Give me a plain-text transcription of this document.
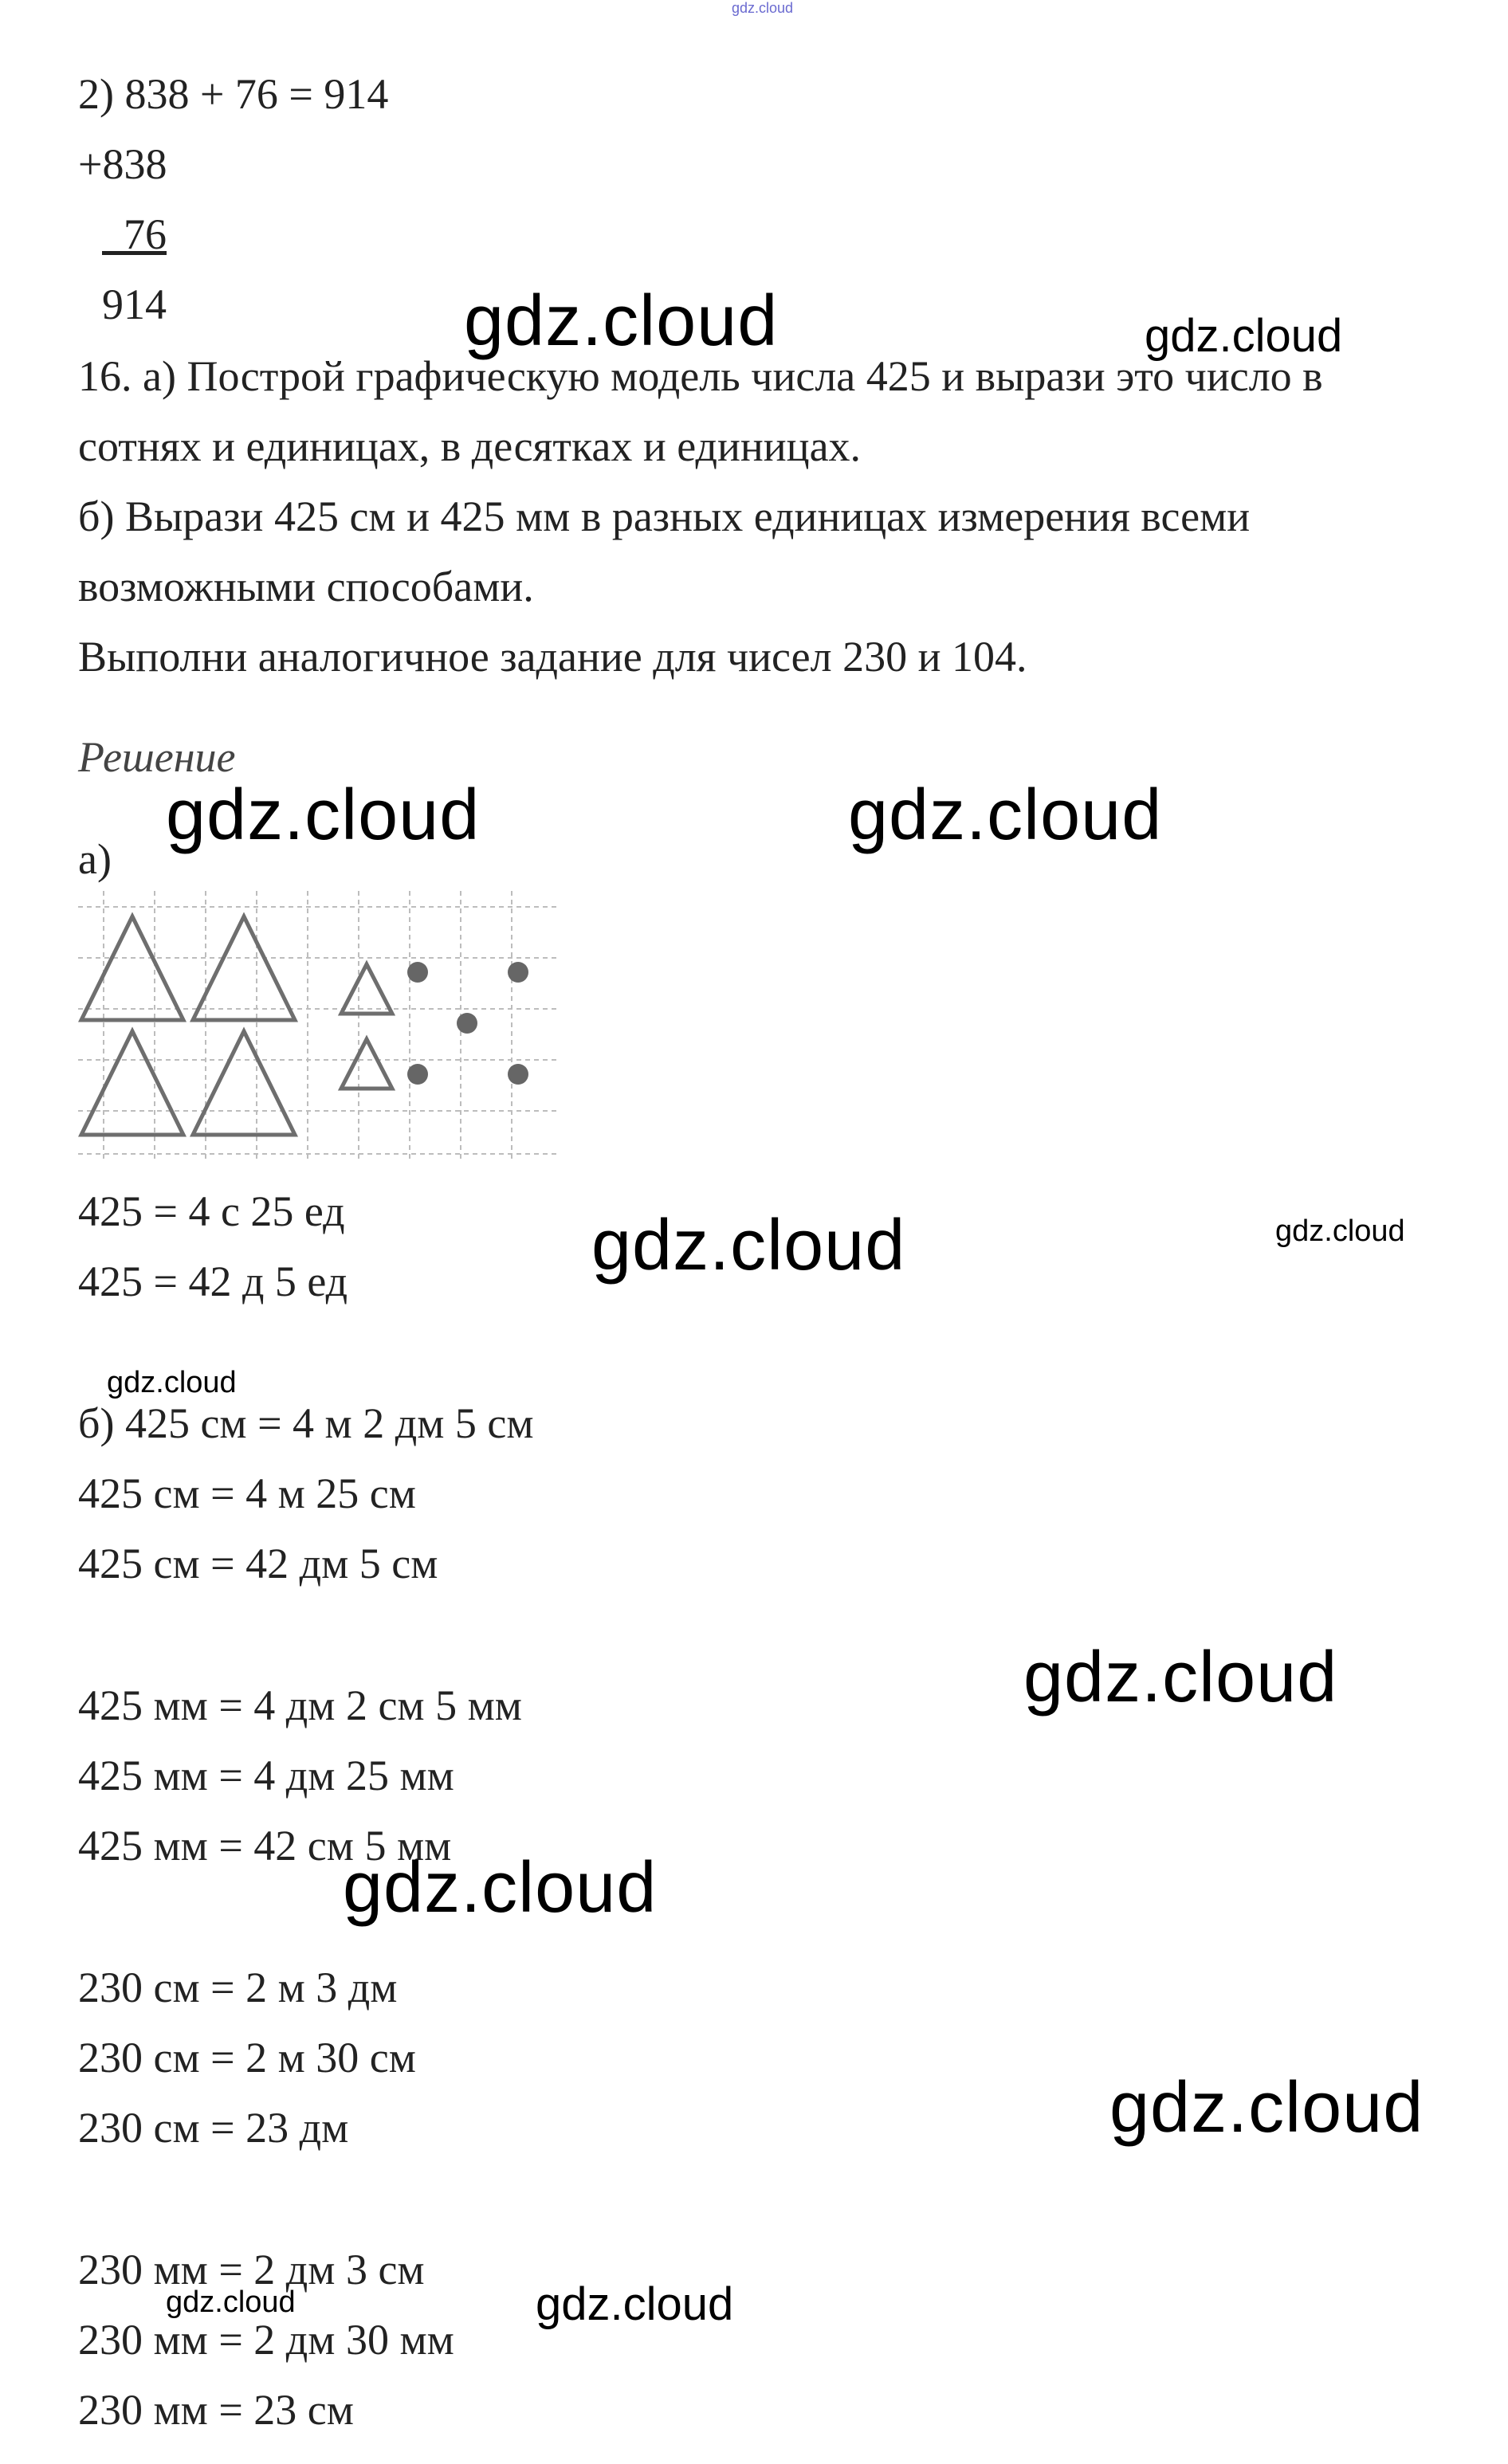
gdz.cloud
2) 838 + 76 = 914
+838
76
914
16. а) Построй графическую модель числа 425 и вырази это число в
сотнях и единицах, в десятках и единицах.
б) Вырази 425 см и 425 мм в разных единицах измерения всеми
возможными способами.
Выполни аналогичное задание для чисел 230 и 104.
Решение
а)
425 = 4 с 25 ед
425 = 42 д 5 ед
б) 425 см = 4 м 2 дм 5 см
425 см = 4 м 25 см
425 см = 42 дм 5 см
425 мм = 4 дм 2 см 5 мм
425 мм = 4 дм 25 мм
425 мм = 42 см 5 мм
230 см = 2 м 3 дм
230 см = 2 м 30 см
230 см = 23 дм
230 мм = 2 дм 3 см
230 мм = 2 дм 30 мм
230 мм = 23 см
gdz.cloud	gdz.cloud
gdz.cloud	gdz.cloud
gdz.cloud	gdz.cloud
gdz.cloud
gdz.cloud
gdz.cloud
gdz.cloud
gdz.cloud	gdz.cloud
